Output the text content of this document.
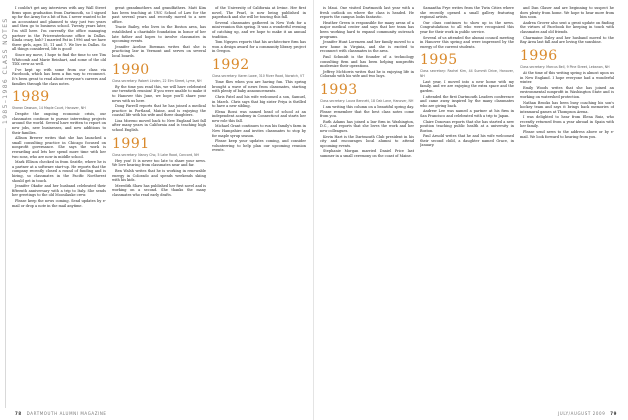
1985–1986 CLASS NOTES

I couldn't get any interviews with any Wall Street firms upon graduation from Dartmouth, so I signed up for the Army for a bit of fun. I never wanted to be an accountant and planned to stay just two years and then go to business school. Twenty years later, I'm still here. I'm currently the office managing partner in the Pricewaterhouse office in Dallas. Kinda crazy, huh? I married Pat in 1996 and we have three girls, ages 15, 11 and 7. We live in Dallas. So all things considered, life is good!

Since my move, I hope to find the time to see Tim Whitcomb and Marie Reinhart, and some of the old TDX crew as well.

I've kept up with some from our class via Facebook, which has been a fun way to reconnect. It's been great to read about everyone's careers and families through the class notes.

1989
Sharon Dawson, 14 Maple Court, Hanover, NH

Despite the ongoing economic crisis, our classmates continue to pursue interesting projects around the world. Several have written to report on new jobs, new businesses, and new additions to their families.

Allison Brewer writes that she has launched a small consulting practice in Chicago focused on nonprofit governance. She says the work is rewarding and lets her spend more time with her two sons, who are now in middle school.

Mark Ellison checked in from Seattle, where he is a partner at a software start-up. He reports that the company recently closed a round of funding and is hiring, so classmates in the Pacific Northwest should get in touch.

Jennifer Okafor and her husband celebrated their fifteenth anniversary with a trip to Italy. She sends her greetings to the old Moosilauke crew.

Please keep the news coming. Send updates by e-mail or drop a note in the mail anytime.

great grandmothers and grandfathers. Matt Kim has been teaching at UNC School of Law for the past several years and recently moved to a new office.

Tracie Bailey, who lives in the Boston area, has established a charitable foundation in honor of her late father and hopes to involve classmates in upcoming events.

Jennifer Aceline Bowman writes that she is practicing law in Vermont and serves on several local boards.

1990
Class secretary: Robert Linden, 22 Elm Street, Lyme, NH

By the time you read this, we will have celebrated our twentieth reunion! If you were unable to make it to Hanover this June, we hope you'll share your news with us here.

Doug Farrell reports that he has joined a medical practice in Portland, Maine, and is enjoying the coastal life with his wife and three daughters.

Lisa Moreno moved back to New England last fall after many years in California and is teaching high school English.

1991
Class secretary: Nancy Cho, 5 Lake Road, Concord, NH

Hey you! It is never too late to share your news. We love hearing from classmates near and far.

Ben Walsh writes that he is working in renewable energy in Colorado and spends weekends skiing with his kids.

Meredith Shaw has published her first novel and is working on a second. She thanks the many classmates who read early drafts.

of the University of California at Irvine. Her first novel, The Pearl, is now being published in paperback and she will be touring this fall.

Several classmates gathered in New York for a mini-reunion this spring. It was a wonderful evening of catching up, and we hope to make it an annual tradition.

Tom Nguyen reports that his architecture firm has won a design award for a community library project in Oregon.

1992
Class secretary: Karen Lowe, 310 River Road, Norwich, VT

Time flies when you are having fun. This spring brought a wave of news from classmates, starting with plenty of baby announcements.

Chris Patel and his wife welcomed a son, Samuel, in March. Chris says that big sister Priya is thrilled to have a new sibling.

Elena Rossi was named head of school at an independent academy in Connecticut and starts her new role this fall.

Michael Grant continues to run his family's farm in New Hampshire and invites classmates to stop by for maple syrup season.

Please keep your updates coming, and consider volunteering to help plan our upcoming reunion events.

78 DARTMOUTH ALUMNI MAGAZINE

is Maui. One visited Dartmouth last year with a fresh outlook on where the class is headed. He reports the campus looks fantastic.

Heather Green is responsible for many areas of a major medical center and says that her team has been working hard to expand community outreach programs.

Jennifer Hunt Lorenzen and her family moved to a new home in Virginia, and she is excited to reconnect with classmates in the area.

Paul Schmidt is the founder of a technology consulting firm and has been helping nonprofits modernize their operations.

Jeffrey McMorris writes that he is enjoying life in Colorado with his wife and two boys.

1993
Class secretary: Laura Bennett, 18 Oak Lane, Hanover, NH

I am writing this column on a beautiful spring day. Please remember that the best class notes come from you.

Ruth Adams has joined a law firm in Washington, D.C., and reports that she loves the work and her new colleagues.

Kevin Hart is the Dartmouth Club president in his city and encourages local alumni to attend upcoming events.

Stephanie Morgan married Daniel Price last summer in a small ceremony on the coast of Maine.

Samantha Frye writes from the Twin Cities where she recently opened a small gallery featuring regional artists.

Our class continues to show up in the news. Congratulations to all who were recognized this year for their work in public service.

Several of us attended the alumni council meeting in Hanover this spring and were impressed by the energy of the current students.

1995
Class secretary: Rachel Kim, 44 Summit Drive, Hanover, NH

Last year, I moved into a new home with my family, and we are enjoying the extra space and the garden.

I attended the first Dartmouth Leaders conference and came away inspired by the many classmates who are giving back.

Andrew Lee was named a partner at his firm in San Francisco and celebrated with a trip to Japan.

Claire Donovan reports that she has started a new position teaching public health at a university in Boston.

Paul Arnold writes that he and his wife welcomed their second child, a daughter named Grace, in January.

and Dan Glaser and are beginning to suspect he does plenty from home. We hope to hear more from him soon.

Andrea Grover also sent a great update on finding the virtues of Facebook for keeping in touch with classmates and old friends.

Charmaine Daley and her husband moved to the Bay Area last fall and are loving the sunshine.

1996
Class secretary: Marcus Bell, 9 Pine Street, Lebanon, NH

At the time of this writing spring is almost upon us in New England. I hope everyone had a wonderful winter.

Emily Woods writes that she has joined an environmental nonprofit in Washington State and is working on watershed protection.

Nathan Brooks has been busy coaching his son's hockey team and says it brings back memories of intramural games at Thompson Arena.

I was delighted to hear from Elena Ruiz, who recently returned from a year abroad in Spain with her family.

Please send news to the address above or by e-mail. We look forward to hearing from you.

JULY/AUGUST 2009 79
